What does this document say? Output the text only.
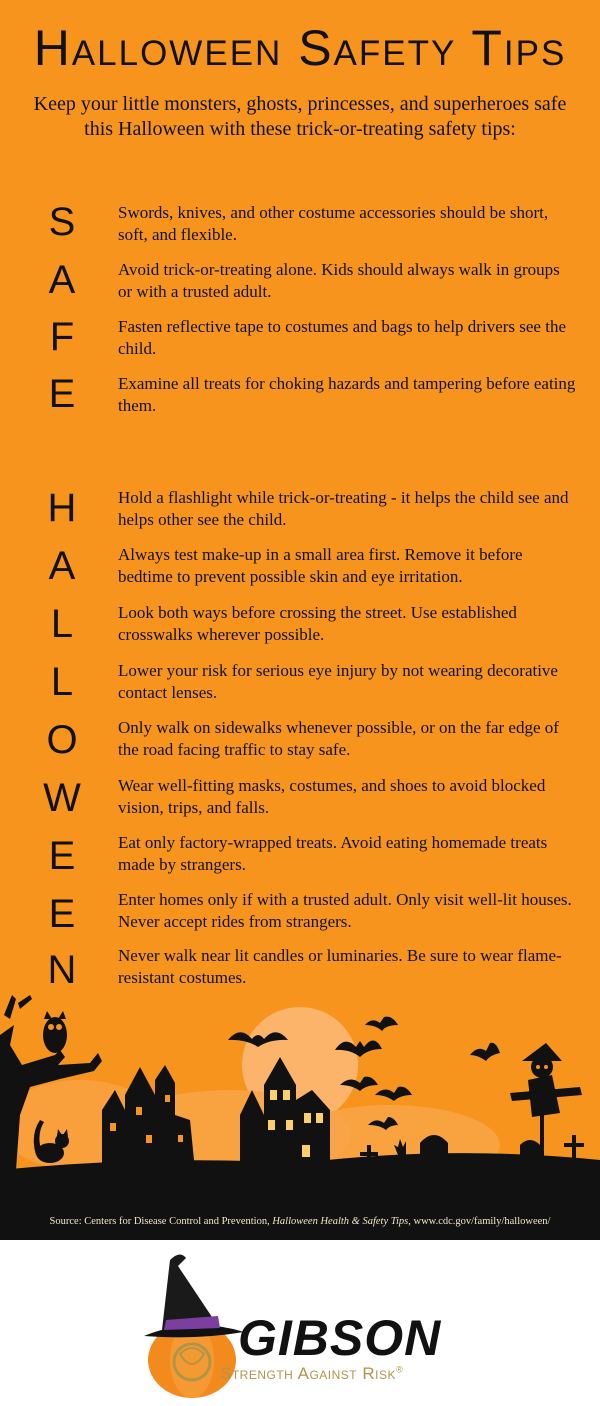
Halloween Safety Tips

Keep your little monsters, ghosts, princesses, and superheroes safe this Halloween with these trick-or-treating safety tips:

S
A
F
E
Swords, knives, and other costume accessories should be short, soft, and flexible.
Avoid trick-or-treating alone. Kids should always walk in groups or with a trusted adult.
Fasten reflective tape to costumes and bags to help drivers see the child.
Examine all treats for choking hazards and tampering before eating them.
H
A
L
L
O
W
E
E
N
Hold a flashlight while trick-or-treating - it helps the child see and helps other see the child.
Always test make-up in a small area first. Remove it before bedtime to prevent possible skin and eye irritation.
Look both ways before crossing the street. Use established crosswalks wherever possible.
Lower your risk for serious eye injury by not wearing decorative contact lenses.
Only walk on sidewalks whenever possible, or on the far edge of the road facing traffic to stay safe.
Wear well-fitting masks, costumes, and shoes to avoid blocked vision, trips, and falls.
Eat only factory-wrapped treats. Avoid eating homemade treats made by strangers.
Enter homes only if with a trusted adult. Only visit well-lit houses. Never accept rides from strangers.
Never walk near lit candles or luminaries. Be sure to wear flame-resistant costumes.
Source: Centers for Disease Control and Prevention, Halloween Health & Safety Tips, www.cdc.gov/family/halloween/
GIBSON
Strength Against Risk®
